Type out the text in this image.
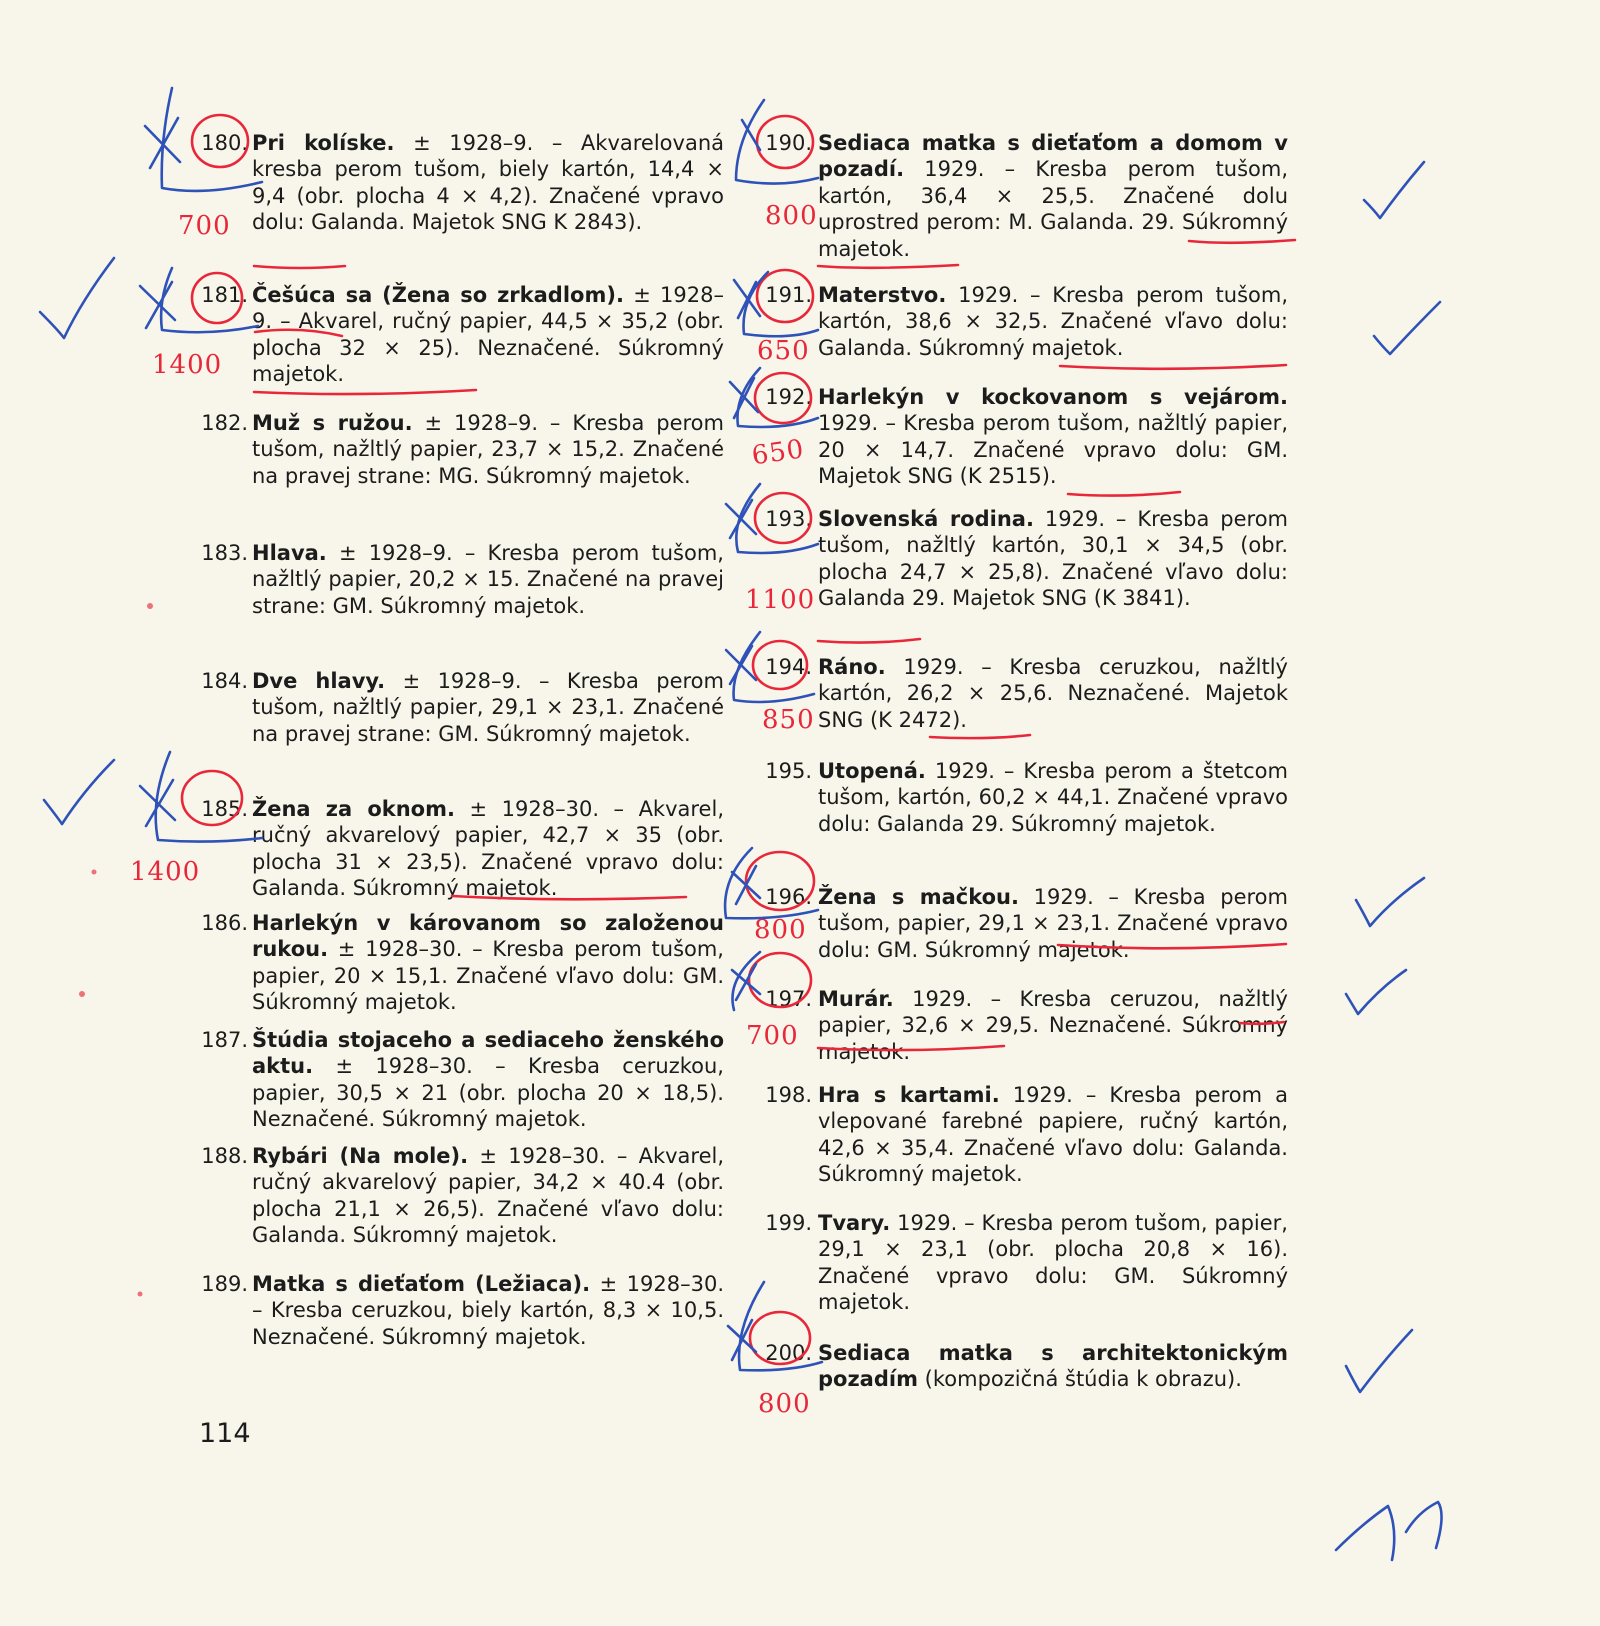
180. Pri kolíske. ± 1928–9. – Akvarelovaná kresba perom tušom, biely kartón, 14,4 × 9,4 (obr. plocha 4 × 4,2). Značené vpravo dolu: Galanda. Majetok SNG K 2843).
181. Češúca sa (Žena so zrkadlom). ± 1928–9. – Akvarel, ručný papier, 44,5 × 35,2 (obr. plocha 32 × 25). Neznačené. Súkromný majetok.
182. Muž s ružou. ± 1928–9. – Kresba perom tušom, nažltlý papier, 23,7 × 15,2. Značené na pravej strane: MG. Súkromný majetok.
183. Hlava. ± 1928–9. – Kresba perom tušom, nažltlý papier, 20,2 × 15. Značené na pravej strane: GM. Súkromný majetok.
184. Dve hlavy. ± 1928–9. – Kresba perom tušom, nažltlý papier, 29,1 × 23,1. Značené na pravej strane: GM. Súkromný majetok.
185. Žena za oknom. ± 1928–30. – Akvarel, ručný akvarelový papier, 42,7 × 35 (obr. plocha 31 × 23,5). Značené vpravo dolu: Galanda. Súkromný majetok.
186. Harlekýn v károvanom so založenou rukou. ± 1928–30. – Kresba perom tušom, papier, 20 × 15,1. Značené vľavo dolu: GM. Súkromný majetok.
187. Štúdia stojaceho a sediaceho ženského aktu. ± 1928–30. – Kresba ceruzkou, papier, 30,5 × 21 (obr. plocha 20 × 18,5). Neznačené. Súkromný majetok.
188. Rybári (Na mole). ± 1928–30. – Akvarel, ručný akvarelový papier, 34,2 × 40.4 (obr. plocha 21,1 × 26,5). Značené vľavo dolu: Galanda. Súkromný majetok.
189. Matka s dieťaťom (Ležiaca). ± 1928–30. – Kresba ceruzkou, biely kartón, 8,3 × 10,5. Neznačené. Súkromný majetok.
190. Sediaca matka s dieťaťom a domom v pozadí. 1929. – Kresba perom tušom, kartón, 36,4 × 25,5. Značené dolu uprostred perom: M. Galanda. 29. Súkromný majetok.
191. Materstvo. 1929. – Kresba perom tušom, kartón, 38,6 × 32,5. Značené vľavo dolu: Galanda. Súkromný majetok.
192. Harlekýn v kockovanom s vejárom. 1929. – Kresba perom tušom, nažltlý papier, 20 × 14,7. Značené vpravo dolu: GM. Majetok SNG (K 2515).
193. Slovenská rodina. 1929. – Kresba perom tušom, nažltlý kartón, 30,1 × 34,5 (obr. plocha 24,7 × 25,8). Značené vľavo dolu: Galanda 29. Majetok SNG (K 3841).
194. Ráno. 1929. – Kresba ceruzkou, nažltlý kartón, 26,2 × 25,6. Neznačené. Majetok SNG (K 2472).
195. Utopená. 1929. – Kresba perom a štetcom tušom, kartón, 60,2 × 44,1. Značené vpravo dolu: Galanda 29. Súkromný majetok.
196. Žena s mačkou. 1929. – Kresba perom tušom, papier, 29,1 × 23,1. Značené vpravo dolu: GM. Súkromný majetok.
197. Murár. 1929. – Kresba ceruzou, nažltlý papier, 32,6 × 29,5. Neznačené. Súkromný majetok.
198. Hra s kartami. 1929. – Kresba perom a vlepované farebné papiere, ručný kartón, 42,6 × 35,4. Značené vľavo dolu: Galanda. Súkromný majetok.
199. Tvary. 1929. – Kresba perom tušom, papier, 29,1 × 23,1 (obr. plocha 20,8 × 16). Značené vpravo dolu: GM. Súkromný majetok.
200. Sediaca matka s architektonickým pozadím (kompozičná štúdia k obrazu).
114
700
1400
1400
800
650
650
1100
850
800
700
800
